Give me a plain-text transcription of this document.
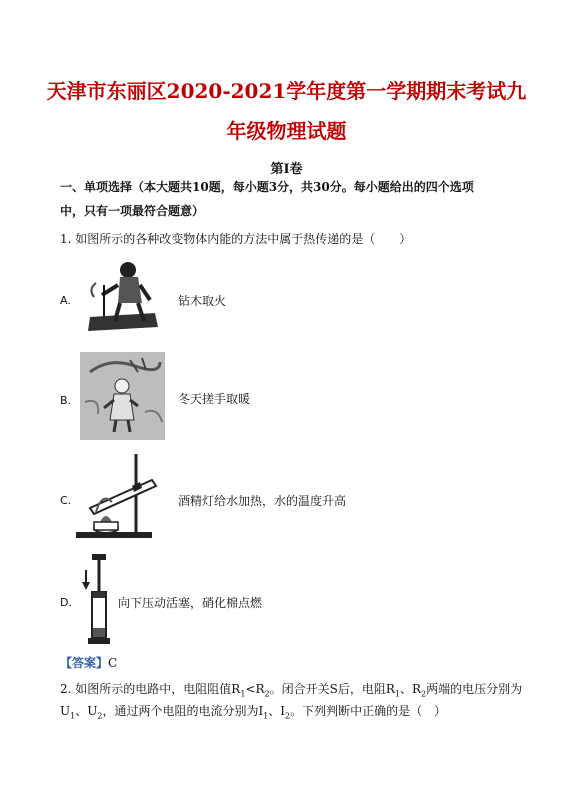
天津市东丽区2020-2021学年度第一学期期末考试九
年级物理试题
第Ⅰ卷
一、单项选择（本大题共10题，每小题3分，共30分。每小题给出的四个选项
中，只有一项最符合题意）
1. 如图所示的各种改变物体内能的方法中属于热传递的是（　　）
A.	钻木取火
B.	冬天搓手取暖
C.	酒精灯给水加热，水的温度升高
D.	向下压动活塞，硝化棉点燃
【答案】C
2. 如图所示的电路中，电阻阻值$R_1<R_2$。闭合开关S后，电阻$R_1$、$R_2$两端的电压分别为
$U_1$、$U_2$，通过两个电阻的电流分别为$I_1$、$I_2$。下列判断中正确的是（　）
